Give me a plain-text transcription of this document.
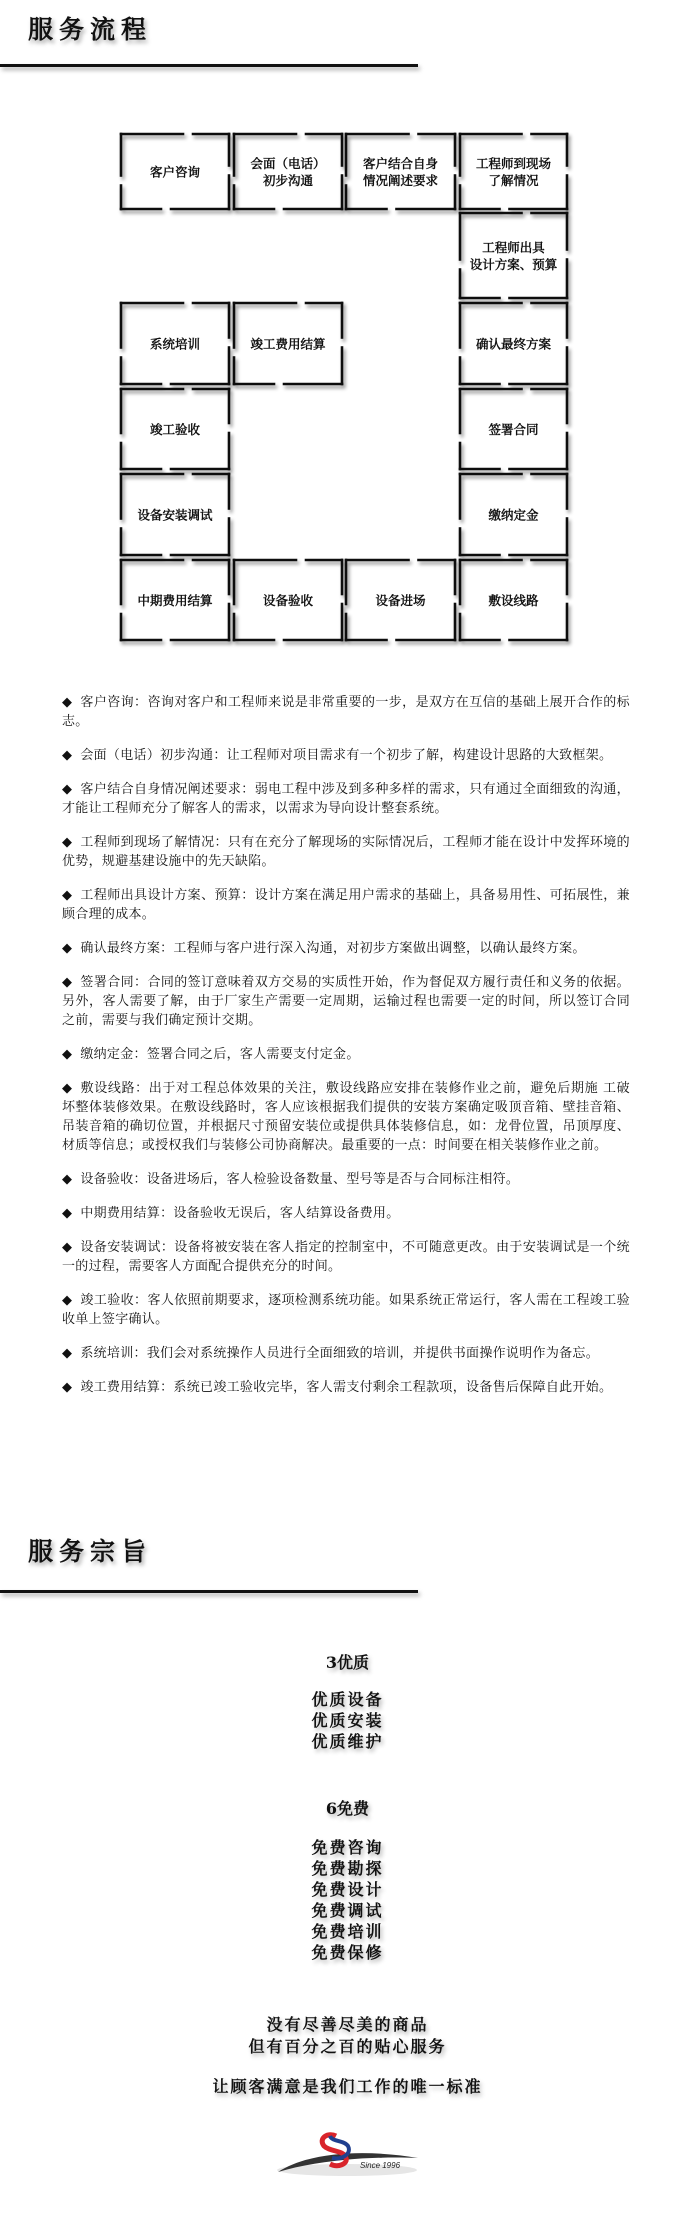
服务流程
客户咨询
会面（电话）
初步沟通
客户结合自身
情况阐述要求
工程师到现场
了解情况
工程师出具
设计方案、预算
确认最终方案
签署合同
缴纳定金
敷设线路
设备进场
设备验收
中期费用结算
设备安装调试
竣工验收
系统培训	竣工费用结算

◆ 客户咨询：咨询对客户和工程师来说是非常重要的一步，是双方在互信的基础上展开合作的标志。

◆ 会面（电话）初步沟通：让工程师对项目需求有一个初步了解，构建设计思路的大致框架。

◆ 客户结合自身情况阐述要求：弱电工程中涉及到多种多样的需求，只有通过全面细致的沟通，才能让工程师充分了解客人的需求，以需求为导向设计整套系统。

◆ 工程师到现场了解情况：只有在充分了解现场的实际情况后，工程师才能在设计中发挥环境的优势，规避基建设施中的先天缺陷。

◆ 工程师出具设计方案、预算：设计方案在满足用户需求的基础上，具备易用性、可拓展性，兼顾合理的成本。

◆ 确认最终方案：工程师与客户进行深入沟通，对初步方案做出调整，以确认最终方案。

◆ 签署合同：合同的签订意味着双方交易的实质性开始，作为督促双方履行责任和义务的依据。另外，客人需要了解，由于厂家生产需要一定周期，运输过程也需要一定的时间，所以签订合同之前，需要与我们确定预计交期。

◆ 缴纳定金：签署合同之后，客人需要支付定金。

◆ 敷设线路：出于对工程总体效果的关注，敷设线路应安排在装修作业之前，避免后期施 工破坏整体装修效果。在敷设线路时，客人应该根据我们提供的安装方案确定吸顶音箱、壁挂音箱、吊装音箱的确切位置，并根据尺寸预留安装位或提供具体装修信息，如：龙骨位置，吊顶厚度、材质等信息；或授权我们与装修公司协商解决。最重要的一点：时间要在相关装修作业之前。

◆ 设备验收：设备进场后，客人检验设备数量、型号等是否与合同标注相符。

◆ 中期费用结算：设备验收无误后，客人结算设备费用。

◆ 设备安装调试：设备将被安装在客人指定的控制室中，不可随意更改。由于安装调试是一个统一的过程，需要客人方面配合提供充分的时间。

◆ 竣工验收：客人依照前期要求，逐项检测系统功能。如果系统正常运行，客人需在工程竣工验收单上签字确认。

◆ 系统培训：我们会对系统操作人员进行全面细致的培训，并提供书面操作说明作为备忘。

◆ 竣工费用结算：系统已竣工验收完毕，客人需支付剩余工程款项，设备售后保障自此开始。

服务宗旨
3优质
优质设备
优质安装
优质维护
6免费
免费咨询
免费勘探
免费设计
免费调试
免费培训
免费保修
没有尽善尽美的商品
但有百分之百的贴心服务
让顾客满意是我们工作的唯一标准
Since 1996
